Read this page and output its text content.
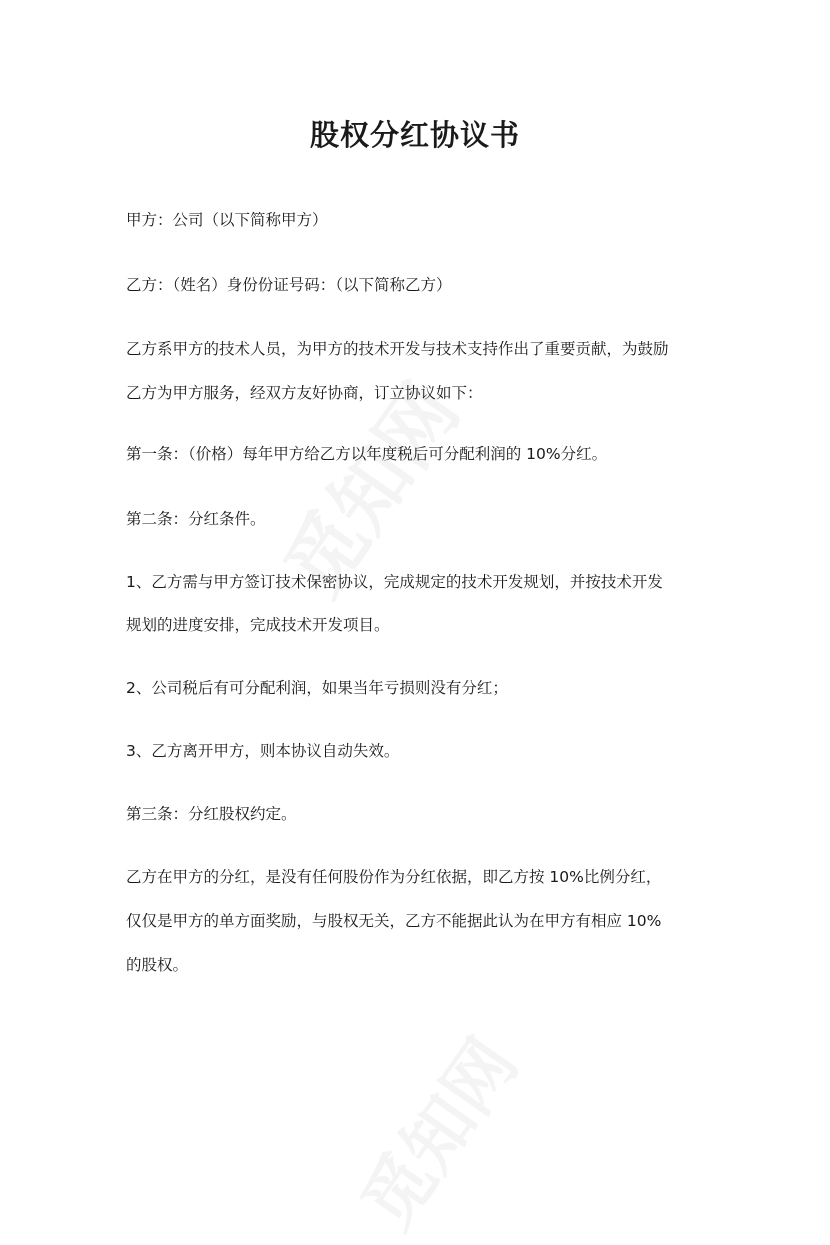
股权分红协议书
甲方：公司（以下简称甲方）
乙方：（姓名）身份份证号码：（以下简称乙方）
乙方系甲方的技术人员，为甲方的技术开发与技术支持作出了重要贡献，为鼓励
乙方为甲方服务，经双方友好协商，订立协议如下：
第一条：（价格）每年甲方给乙方以年度税后可分配利润的 10%分红。
第二条：分红条件。
1、乙方需与甲方签订技术保密协议，完成规定的技术开发规划，并按技术开发
规划的进度安排，完成技术开发项目。
2、公司税后有可分配利润，如果当年亏损则没有分红；
3、乙方离开甲方，则本协议自动失效。
第三条：分红股权约定。
乙方在甲方的分红，是没有任何股份作为分红依据，即乙方按 10%比例分红，
仅仅是甲方的单方面奖励，与股权无关，乙方不能据此认为在甲方有相应 10%
的股权。
